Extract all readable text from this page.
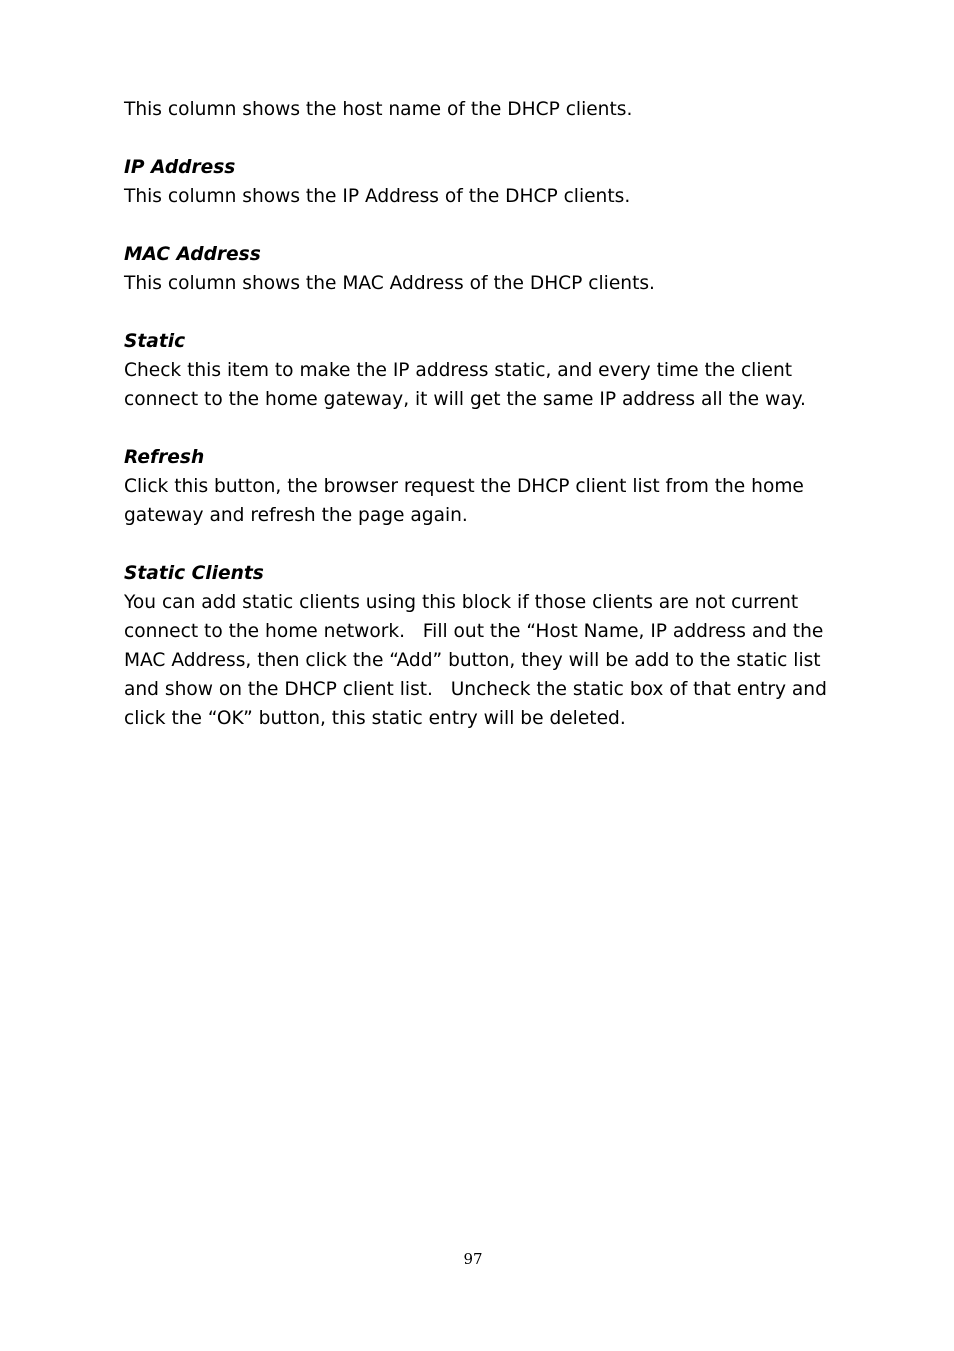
This column shows the host name of the DHCP clients.

IP Address

This column shows the IP Address of the DHCP clients.

MAC Address

This column shows the MAC Address of the DHCP clients.

Static

Check this item to make the IP address static, and every time the client

connect to the home gateway, it will get the same IP address all the way.

Refresh

Click this button, the browser request the DHCP client list from the home

gateway and refresh the page again.

Static Clients

You can add static clients using this block if those clients are not current

connect to the home network.   Fill out the “Host Name, IP address and the

MAC Address, then click the “Add” button, they will be add to the static list

and show on the DHCP client list.   Uncheck the static box of that entry and

click the “OK” button, this static entry will be deleted.

97
